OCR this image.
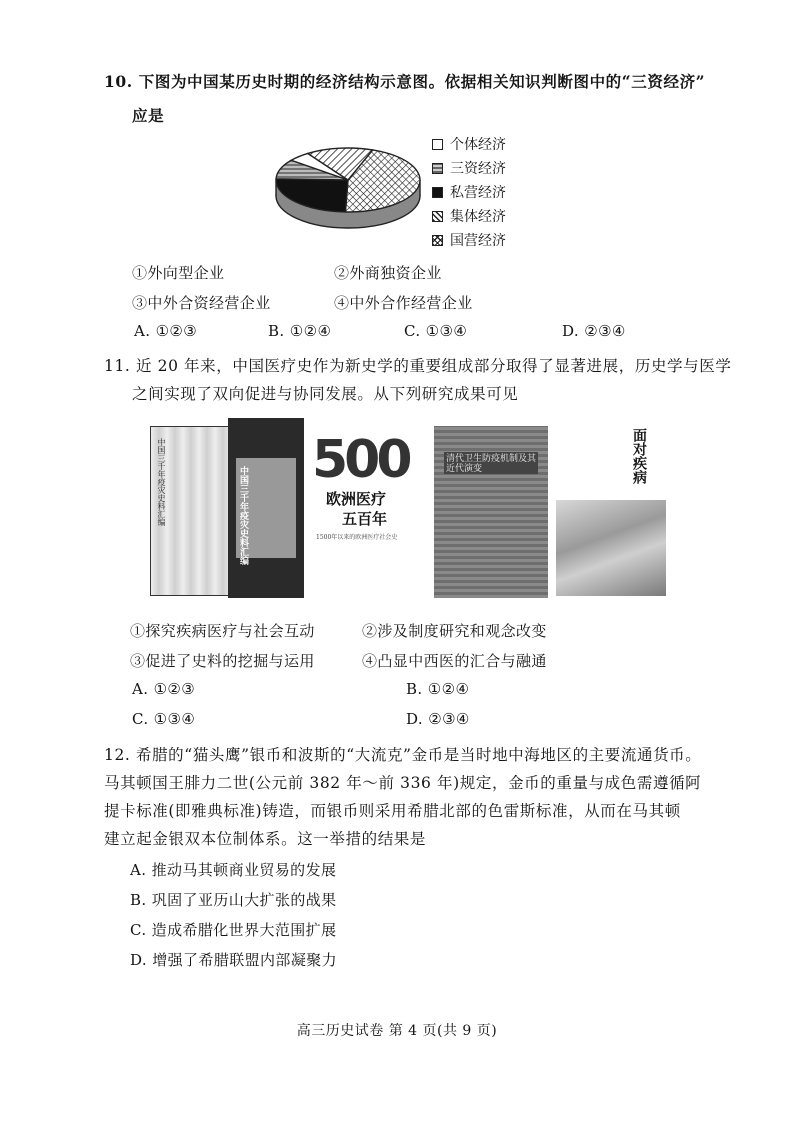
10. 下图为中国某历史时期的经济结构示意图。依据相关知识判断图中的“三资经济”
应是
个体经济
三资经济
私营经济
集体经济
国营经济
①外向型企业	②外商独资企业
③中外合资经营企业	④中外合作经营企业
A. ①②③	B. ①②④	C. ①③④	D. ②③④
11. 近 20 年来，中国医疗史作为新史学的重要组成部分取得了显著进展，历史学与医学
之间实现了双向促进与协同发展。从下列研究成果可见
中国三千年疫灾史料汇编	中国三千年疫灾史料汇编
500
欧洲医疗
五百年
1500年以来的欧洲医疗社会史
清代卫生防疫机制及其近代演变	面对疾病
①探究疾病医疗与社会互动	②涉及制度研究和观念改变
③促进了史料的挖掘与运用	④凸显中西医的汇合与融通
A. ①②③	B. ①②④
C. ①③④	D. ②③④
12. 希腊的“猫头鹰”银币和波斯的“大流克”金币是当时地中海地区的主要流通货币。
马其顿国王腓力二世(公元前 382 年～前 336 年)规定，金币的重量与成色需遵循阿
提卡标准(即雅典标准)铸造，而银币则采用希腊北部的色雷斯标准，从而在马其顿
建立起金银双本位制体系。这一举措的结果是
A. 推动马其顿商业贸易的发展
B. 巩固了亚历山大扩张的战果
C. 造成希腊化世界大范围扩展
D. 增强了希腊联盟内部凝聚力
高三历史试卷 第 4 页(共 9 页)
